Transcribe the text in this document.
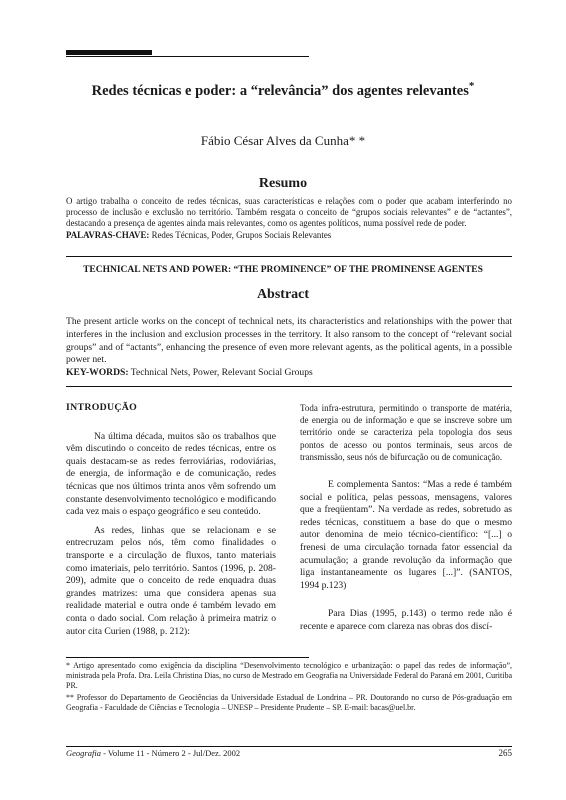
Redes técnicas e poder: a “relevância” dos agentes relevantes*
Fábio César Alves da Cunha* *
Resumo
O artigo trabalha o conceito de redes técnicas, suas características e relações com o poder que acabam interferindo no processo de inclusão e exclusão no território. Também resgata o conceito de “grupos sociais relevantes” e de “actantes”, destacando a presença de agentes ainda mais relevantes, como os agentes políticos, numa possível rede de poder.
PALAVRAS-CHAVE: Redes Técnicas, Poder, Grupos Sociais Relevantes
TECHNICAL NETS AND POWER: “THE PROMINENCE” OF THE PROMINENSE AGENTES
Abstract
The present article works on the concept of technical nets, its characteristics and relationships with the power that interferes in the inclusion and exclusion processes in the territory. It also ransom to the concept of “relevant social groups” and of “actants”, enhancing the presence of even more relevant agents, as the political agents, in a possible power net.
KEY-WORDS: Technical Nets, Power, Relevant Social Groups

INTRODUÇÃO

Na última década, muitos são os trabalhos que vêm discutindo o conceito de redes técnicas, entre os quais destacam-se as redes ferroviárias, rodoviárias, de energia, de informação e de comunicação, redes técnicas que nos últimos trinta anos vêm sofrendo um constante desenvolvimento tecnológico e modificando cada vez mais o espaço geográfico e seu conteúdo.

As redes, linhas que se relacionam e se entrecruzam pelos nós, têm como finalidades o transporte e a circulação de fluxos, tanto materiais como imateriais, pelo território. Santos (1996, p. 208-209), admite que o conceito de rede enquadra duas grandes matrizes: uma que considera apenas sua realidade material e outra onde é também levado em conta o dado social. Com relação à primeira matriz o autor cita Curien (1988, p. 212):

Toda infra-estrutura, permitindo o transporte de matéria, de energia ou de informação e que se inscreve sobre um território onde se caracteriza pela topologia dos seus pontos de acesso ou pontos terminais, seus arcos de transmissão, seus nós de bifurcação ou de comunicação.

E complementa Santos: “Mas a rede é também social e política, pelas pessoas, mensagens, valores que a freqüentam”. Na verdade as redes, sobretudo as redes técnicas, constituem a base do que o mesmo autor denomina de meio técnico-científico: “[...] o frenesi de uma circulação tornada fator essencial da acumulação; a grande revolução da informação que liga instantaneamente os lugares [...]”. (SANTOS, 1994 p.123)

Para Dias (1995, p.143) o termo rede não é recente e aparece com clareza nas obras dos discí-

* Artigo apresentado como exigência da disciplina “Desenvolvimento tecnológico e urbanização: o papel das redes de informação”, ministrada pela Profa. Dra. Leila Christina Dias, no curso de Mestrado em Geografia na Universidade Federal do Paraná em 2001, Curitiba PR.

** Professor do Departamento de Geociências da Universidade Estadual de Londrina – PR. Doutorando no curso de Pós-graduação em Geografia - Faculdade de Ciências e Tecnologia – UNESP – Presidente Prudente – SP. E-mail: bacas@uel.br.

Geografia - Volume 11 - Número 2 - Jul/Dez. 2002	265
